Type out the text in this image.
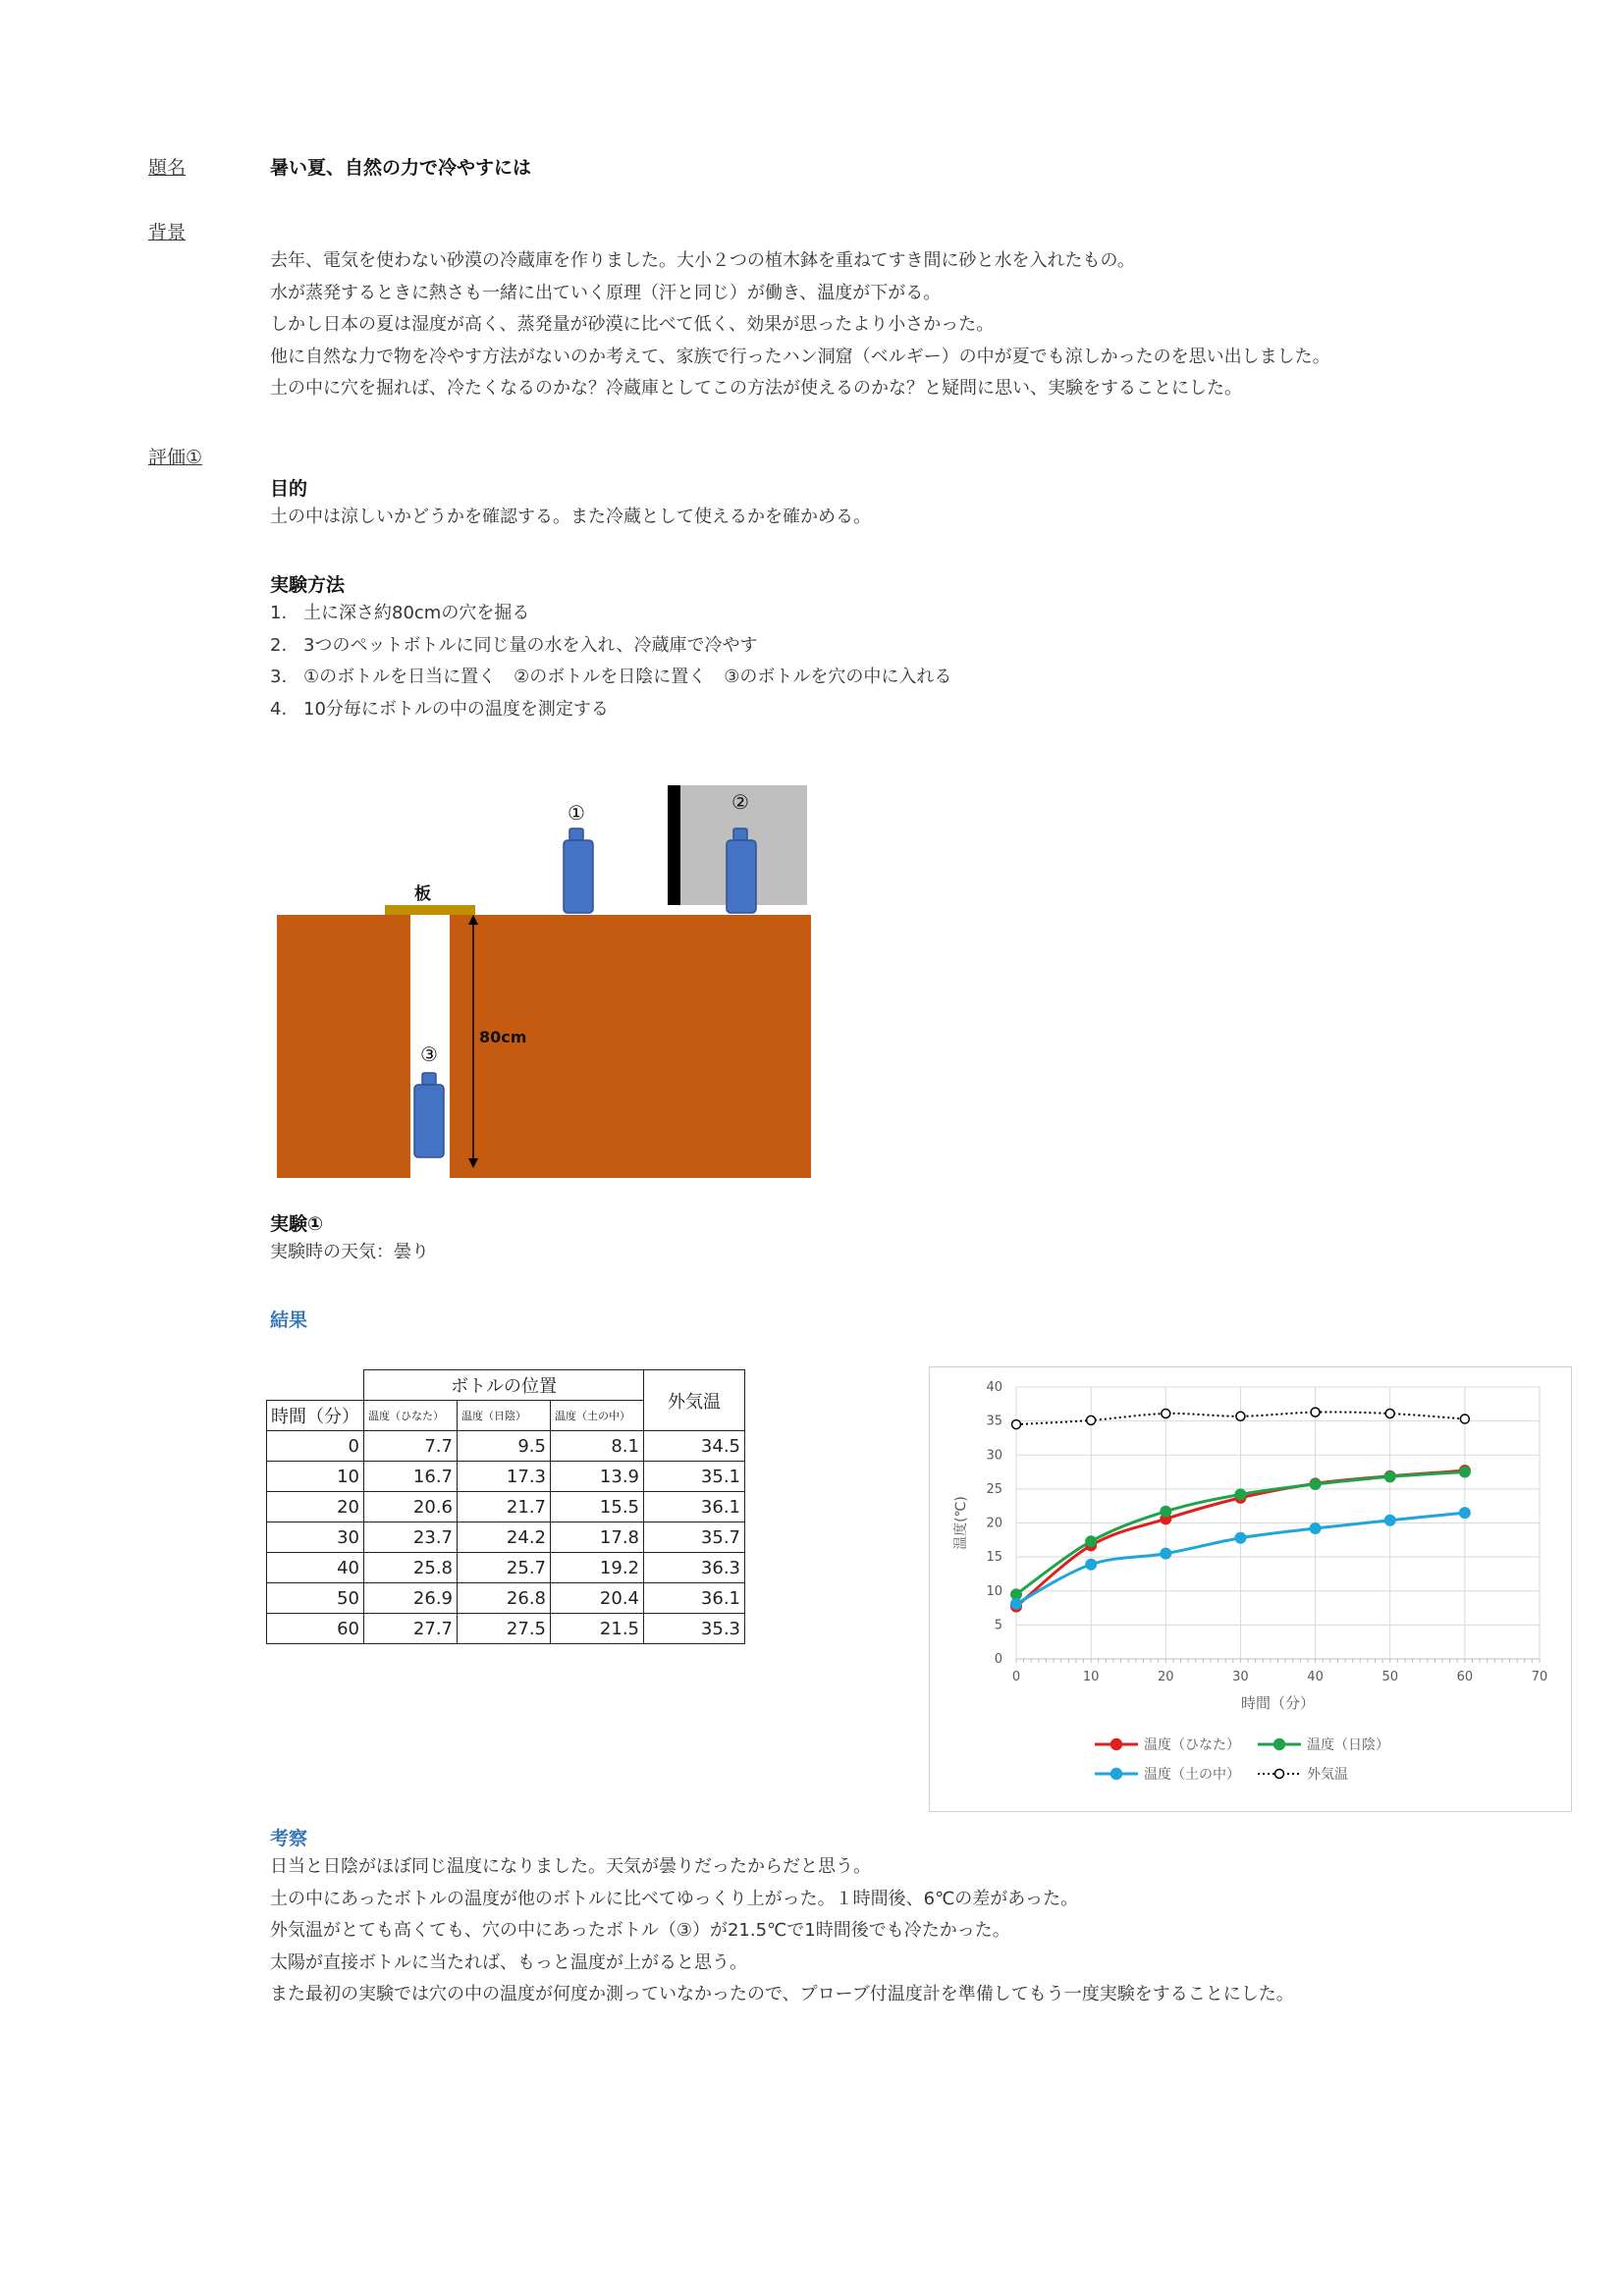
題名	暑い夏、自然の力で冷やすには
背景
去年、電気を使わない砂漠の冷蔵庫を作りました。大小２つの植木鉢を重ねてすき間に砂と水を入れたもの。
水が蒸発するときに熱さも一緒に出ていく原理（汗と同じ）が働き、温度が下がる。
しかし日本の夏は湿度が高く、蒸発量が砂漠に比べて低く、効果が思ったより小さかった。
他に自然な力で物を冷やす方法がないのか考えて、家族で行ったハン洞窟（ベルギー）の中が夏でも涼しかったのを思い出しました。
土の中に穴を掘れば、冷たくなるのかな？冷蔵庫としてこの方法が使えるのかな？と疑問に思い、実験をすることにした。
評価①
目的
土の中は涼しいかどうかを確認する。また冷蔵として使えるかを確かめる。
実験方法
1. 土に深さ約80cmの穴を掘る
2. 3つのペットボトルに同じ量の水を入れ、冷蔵庫で冷やす
3. ①のボトルを日当に置く　②のボトルを日陰に置く　③のボトルを穴の中に入れる
4. 10分毎にボトルの中の温度を測定する
板
①	②
③
80cm
実験①
実験時の天気：曇り
結果
	ボトルの位置			外気温
時間（分）	温度（ひなた）	温度（日陰）	温度（土の中）	
0	7.7	9.5	8.1	34.5
10	16.7	17.3	13.9	35.1
20	20.6	21.7	15.5	36.1
30	23.7	24.2	17.8	35.7
40	25.8	25.7	19.2	36.3
50	26.9	26.8	20.4	36.1
60	27.7	27.5	21.5	35.3
0
5
10
15
20
25
30
35
40
0	10	20	30	40	50	60	70
時間（分）
温度(℃)
温度（ひなた）	温度（日陰）
温度（土の中）	外気温
考察
日当と日陰がほぼ同じ温度になりました。天気が曇りだったからだと思う。
土の中にあったボトルの温度が他のボトルに比べてゆっくり上がった。１時間後、6℃の差があった。
外気温がとても高くても、穴の中にあったボトル（③）が21.5℃で1時間後でも冷たかった。
太陽が直接ボトルに当たれば、もっと温度が上がると思う。
また最初の実験では穴の中の温度が何度か測っていなかったので、プローブ付温度計を準備してもう一度実験をすることにした。
